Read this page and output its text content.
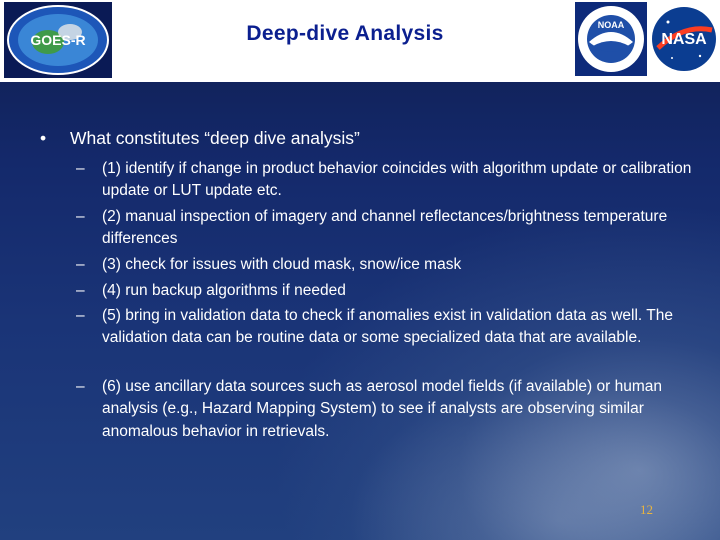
GOES-R	Deep-dive Analysis	NOAA
NASA
• What constitutes “deep dive analysis”
– (1) identify if change in product behavior coincides with algorithm update or calibration update or LUT update etc.
– (2) manual inspection of imagery and channel reflectances/brightness temperature differences
– (3) check for issues with cloud mask, snow/ice mask
– (4) run backup algorithms if needed
– (5) bring in validation data to check if anomalies exist in validation data as well. The validation data can be routine data or some specialized data that are available.
– (6) use ancillary data sources such as aerosol model fields (if available) or human analysis (e.g., Hazard Mapping System) to see if analysts are observing similar anomalous behavior in retrievals.
12
